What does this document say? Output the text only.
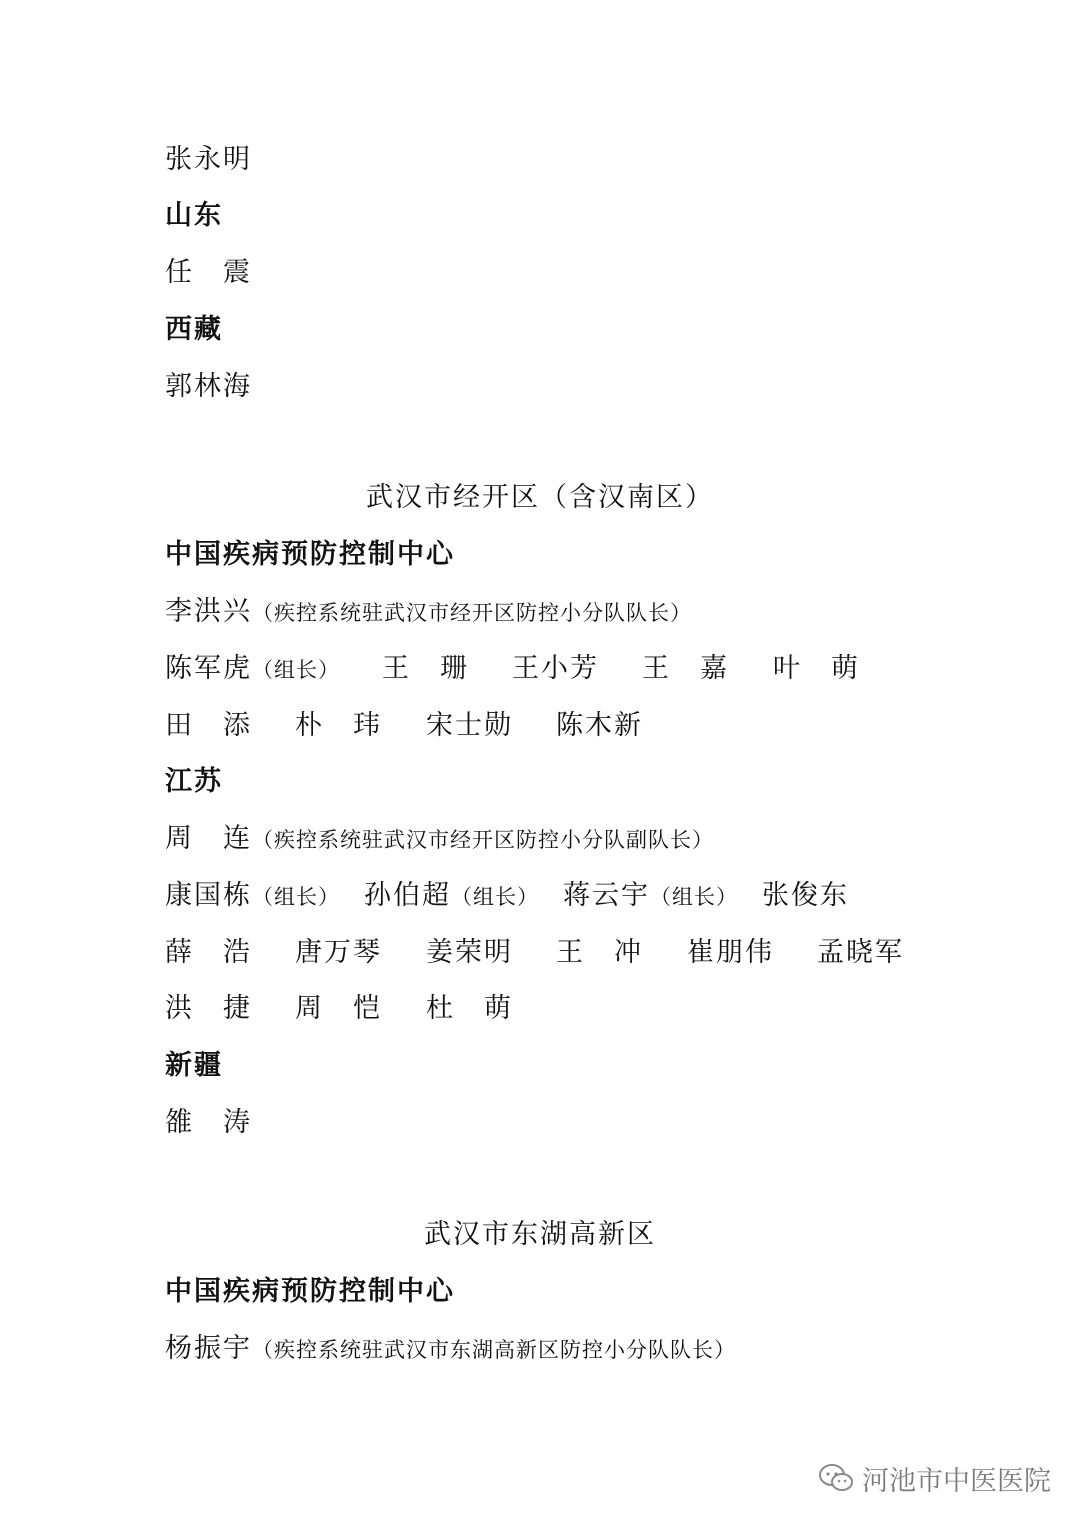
张永明
山东
任　震
西藏
郭林海
武汉市经开区（含汉南区）
中国疾病预防控制中心
李洪兴（疾控系统驻武汉市经开区防控小分队队长）
陈军虎（组长） 王　珊 王小芳 王　嘉 叶　萌
田　添 朴　玮 宋士勋 陈木新
江苏
周　连（疾控系统驻武汉市经开区防控小分队副队长）
康国栋（组长） 孙伯超（组长） 蒋云宇（组长） 张俊东
薛　浩 唐万琴 姜荣明 王　冲 崔朋伟 孟晓军
洪　捷 周　恺 杜　萌
新疆
雒　涛
武汉市东湖高新区
中国疾病预防控制中心
杨振宇（疾控系统驻武汉市东湖高新区防控小分队队长）
河池市中医医院
